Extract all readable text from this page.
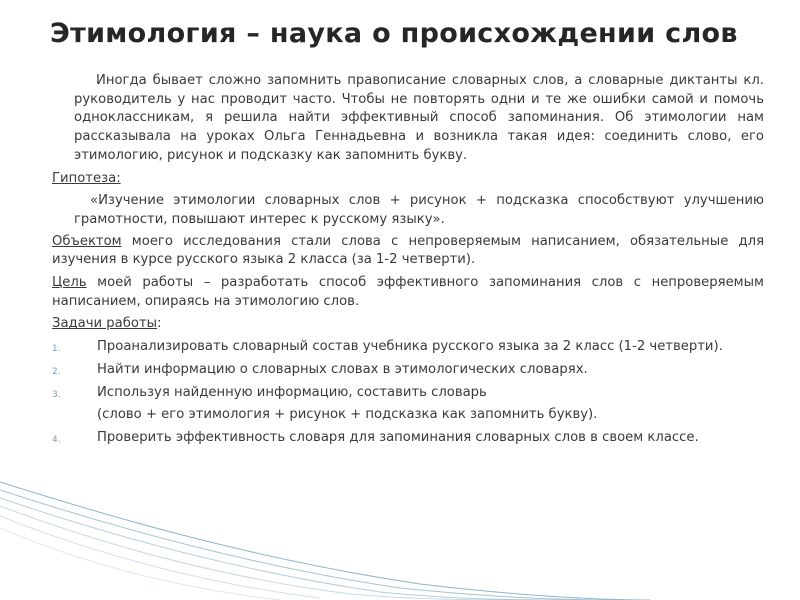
Этимология – наука о происхождении слов

Иногда бывает сложно запомнить правописание словарных слов, а словарные диктанты кл. руководитель у нас проводит часто. Чтобы не повторять одни и те же ошибки самой и помочь одноклассникам, я решила найти эффективный способ запоминания. Об этимологии нам рассказывала на уроках Ольга Геннадьевна и возникла такая идея: соединить слово, его этимологию, рисунок и подсказку как запомнить букву.

Гипотеза:

«Изучение этимологии словарных слов + рисунок + подсказка способствуют улучшению грамотности, повышают интерес к русскому языку».

Объектом моего исследования стали слова с непроверяемым написанием, обязательные для изучения в курсе русского языка 2 класса (за 1-2 четверти).

Цель моей работы – разработать способ эффективного запоминания слов с непроверяемым написанием, опираясь на этимологию слов.

Задачи работы:

1.	Проанализировать словарный состав учебника русского языка за 2 класс (1-2 четверти).
2.	Найти информацию о словарных словах в этимологических словарях.
3.	Используя найденную информацию, составить словарь
(слово + его этимология + рисунок + подсказка как запомнить букву).
4.	Проверить эффективность словаря для запоминания словарных слов в своем классе.
